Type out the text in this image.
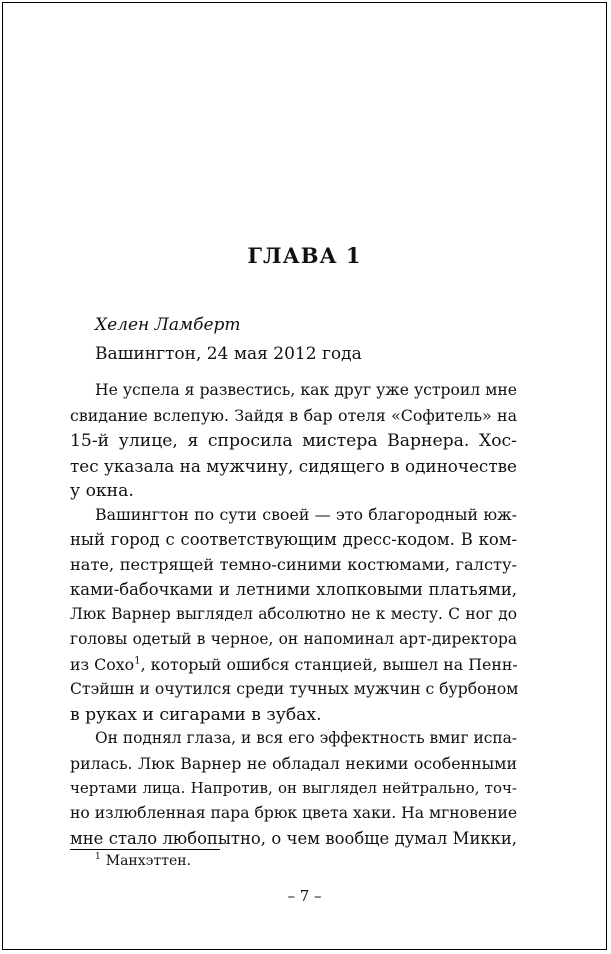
ГЛАВА 1
Хелен Ламберт
Вашингтон, 24 мая 2012 года
Не успела я развестись, как друг уже устроил мне
свидание вслепую. Зайдя в бар отеля «Софитель» на
15-й улице, я спросила мистера Варнера. Хос-
тес указала на мужчину, сидящего в одиночестве
у окна.
Вашингтон по сути своей — это благородный юж-
ный город с соответствующим дресс-кодом. В ком-
нате, пестрящей темно-синими костюмами, галсту-
ками-бабочками и летними хлопковыми платьями,
Люк Варнер выглядел абсолютно не к месту. С ног до
головы одетый в черное, он напоминал арт-директора
из Сохо$^1$, который ошибся станцией, вышел на Пенн-
Стэйшн и очутился среди тучных мужчин с бурбоном
в руках и сигарами в зубах.
Он поднял глаза, и вся его эффектность вмиг испа-
рилась. Люк Варнер не обладал некими особенными
чертами лица. Напротив, он выглядел нейтрально, точ-
но излюбленная пара брюк цвета хаки. На мгновение
мне стало любопытно, о чем вообще думал Микки,
$^1$ Манхэттен.
– 7 –
